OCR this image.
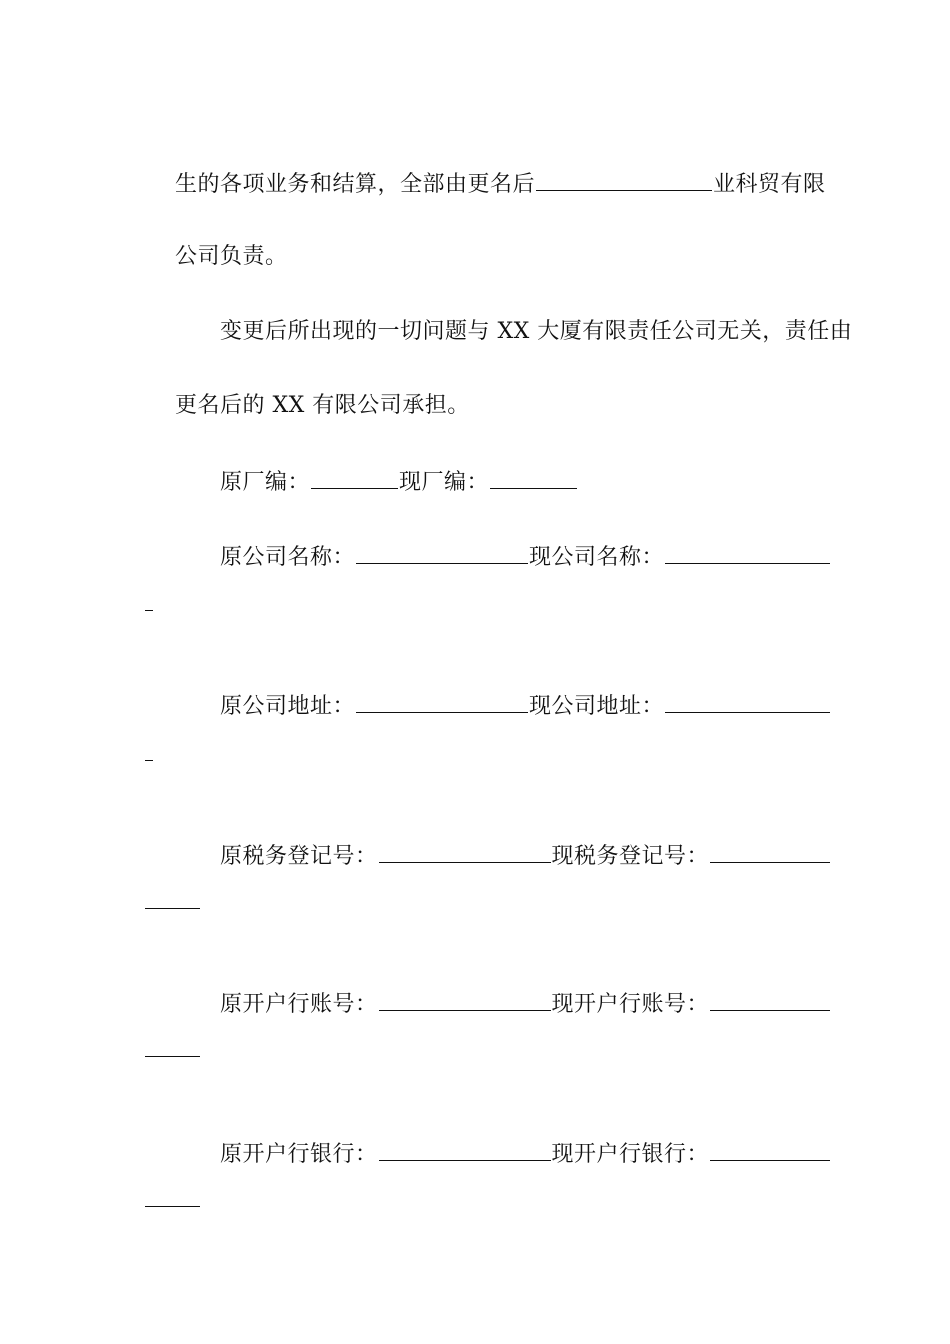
生的各项业务和结算，全部由更名后	业科贸有限

公司负责。

变更后所出现的一切问题与 XX 大厦有限责任公司无关，责任由

更名后的 XX 有限公司承担。

原厂编：	现厂编：

原公司名称：	现公司名称：

原公司地址：	现公司地址：

原税务登记号：	现税务登记号：

原开户行账号：	现开户行账号：

原开户行银行：	现开户行银行：
